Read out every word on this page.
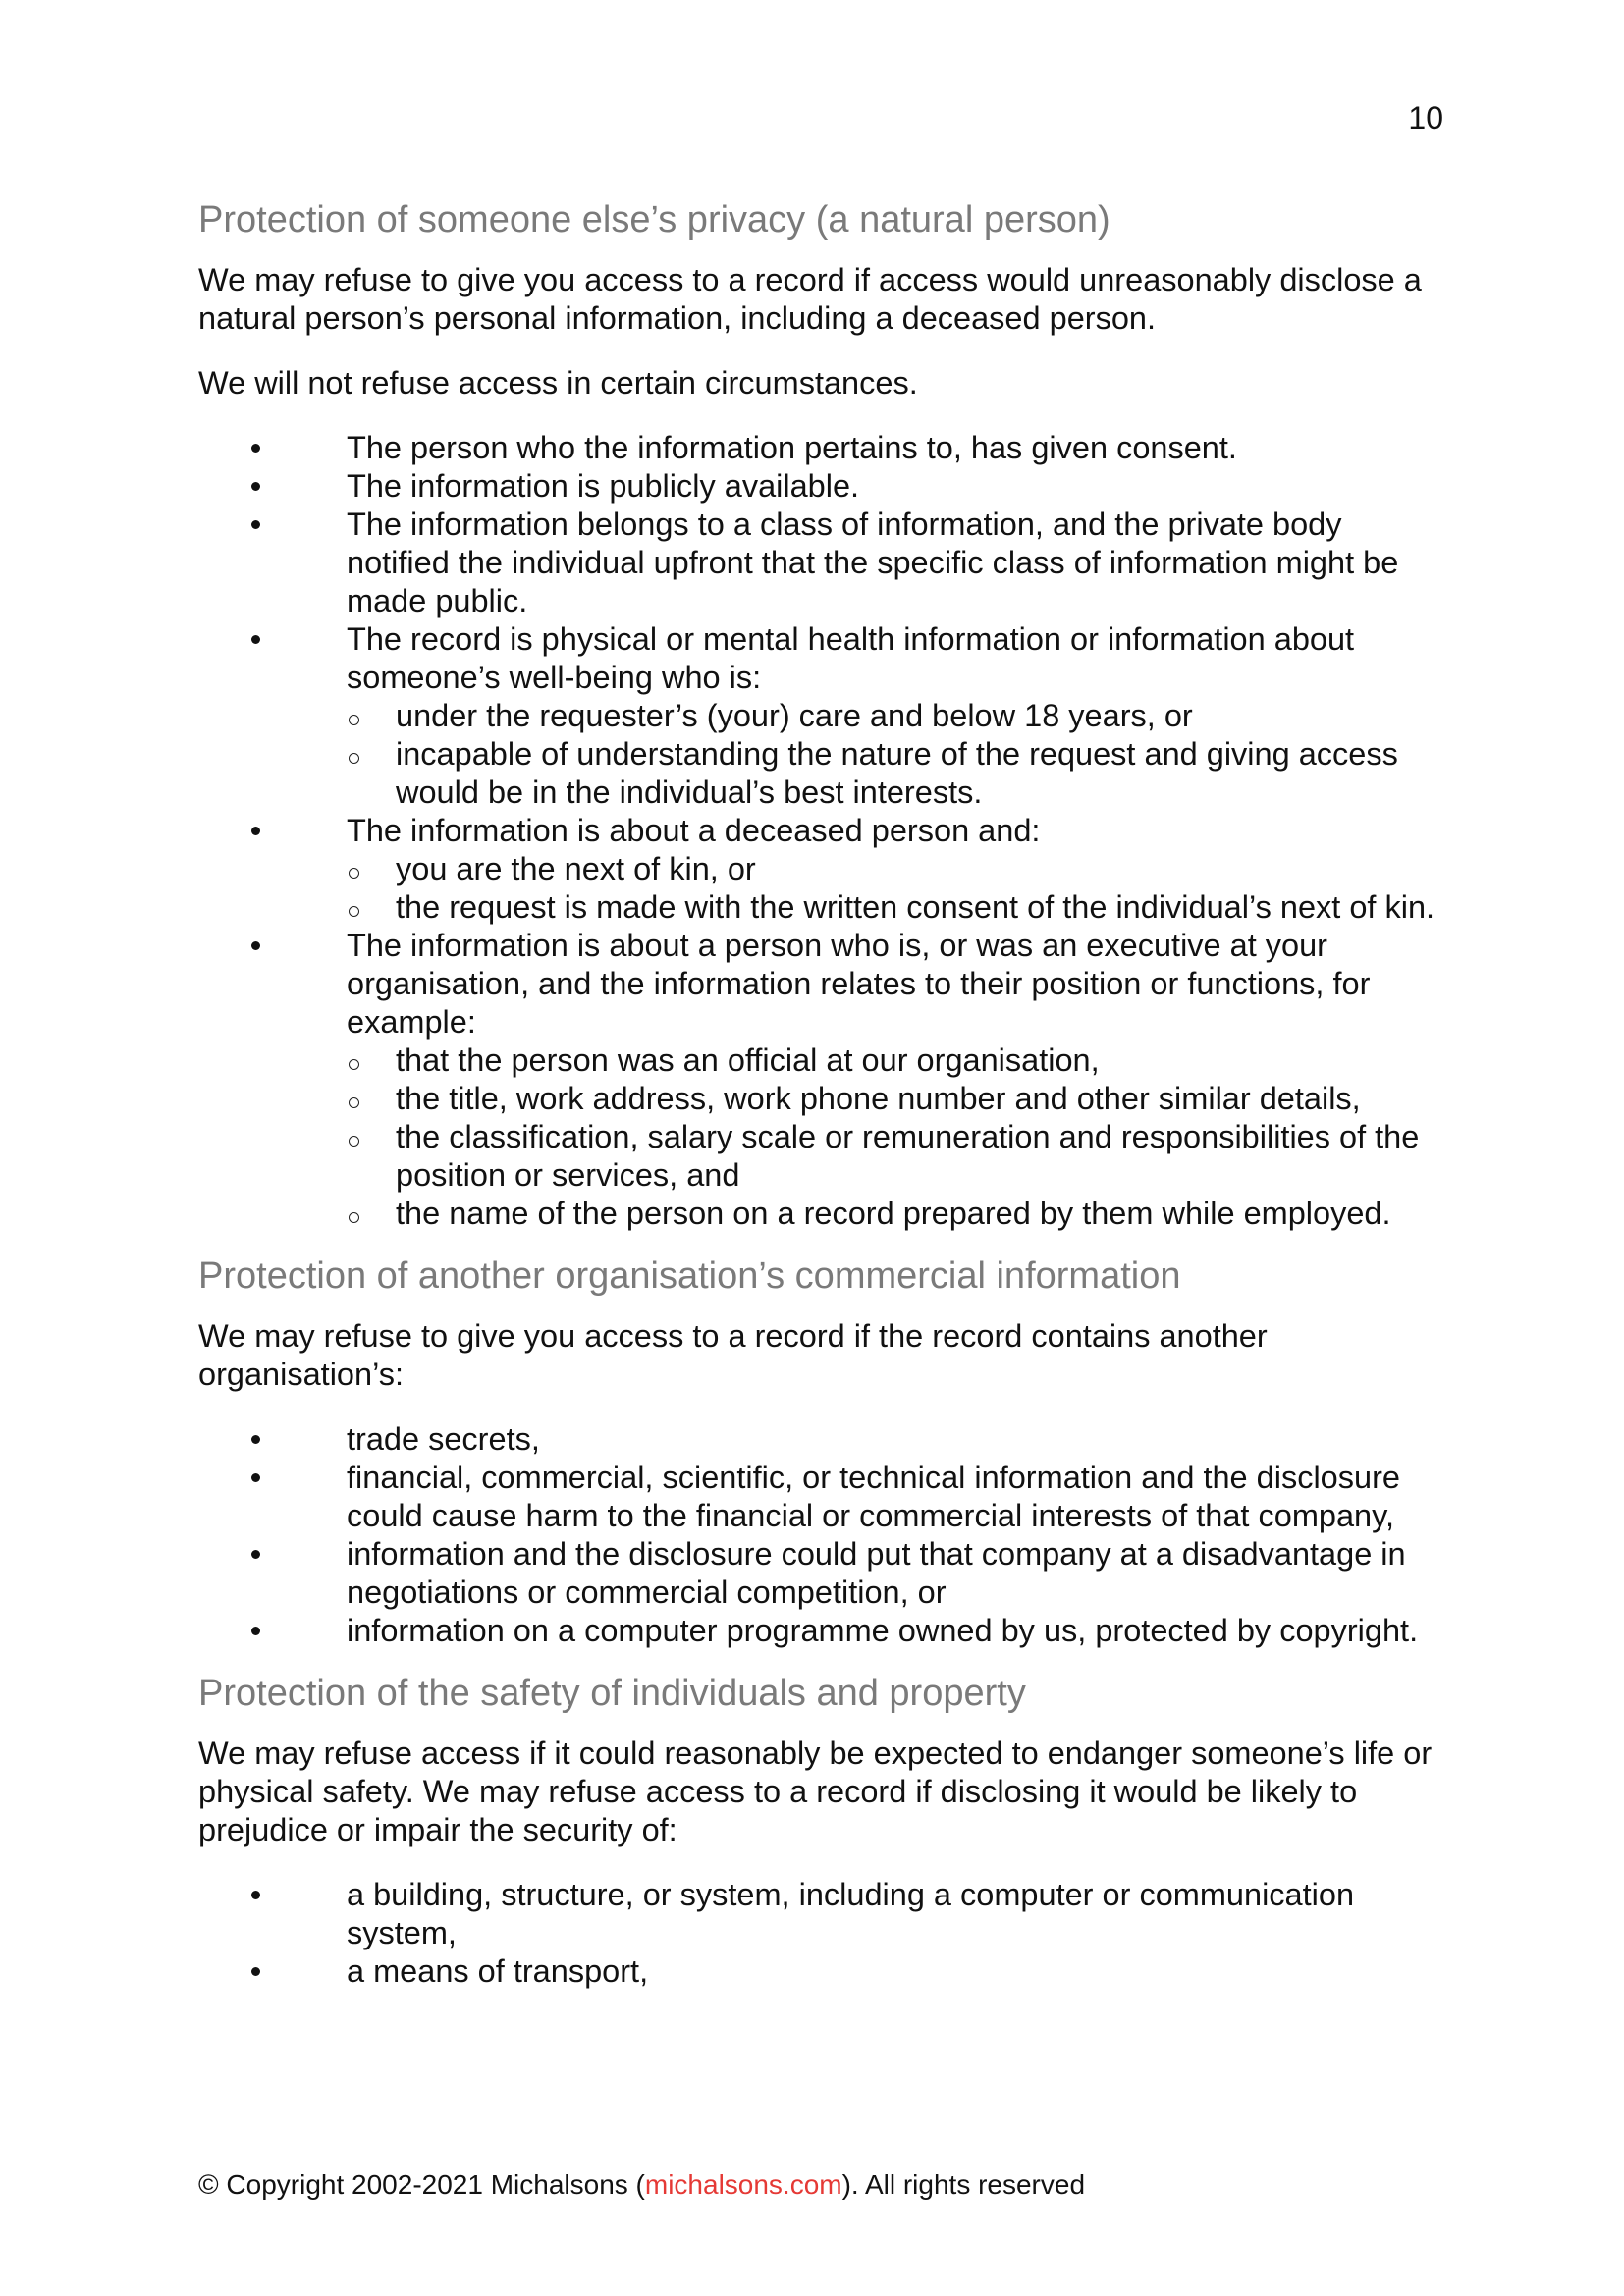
10
Protection of someone else’s privacy (a natural person)

We may refuse to give you access to a record if access would unreasonably disclose a natural person’s personal information, including a deceased person.

We will not refuse access in certain circumstances.

The person who the information pertains to, has given consent.
The information is publicly available.
The information belongs to a class of information, and the private body notified the individual upfront that the specific class of information might be made public.
The record is physical or mental health information or information about someone’s well-being who is:
under the requester’s (your) care and below 18 years, or
incapable of understanding the nature of the request and giving access would be in the individual’s best interests.
The information is about a deceased person and:
you are the next of kin, or
the request is made with the written consent of the individual’s next of kin.
The information is about a person who is, or was an executive at your organisation, and the information relates to their position or functions, for example:
that the person was an official at our organisation,
the title, work address, work phone number and other similar details,
the classification, salary scale or remuneration and responsibilities of the position or services, and
the name of the person on a record prepared by them while employed.
Protection of another organisation’s commercial information

We may refuse to give you access to a record if the record contains another organisation’s:

trade secrets,
financial, commercial, scientific, or technical information and the disclosure could cause harm to the financial or commercial interests of that company,
information and the disclosure could put that company at a disadvantage in negotiations or commercial competition, or
information on a computer programme owned by us, protected by copyright.
Protection of the safety of individuals and property

We may refuse access if it could reasonably be expected to endanger someone’s life or physical safety. We may refuse access to a record if disclosing it would be likely to prejudice or impair the security of:

a building, structure, or system, including a computer or communication system,
a means of transport,
© Copyright 2002-2021 Michalsons (michalsons.com). All rights reserved
